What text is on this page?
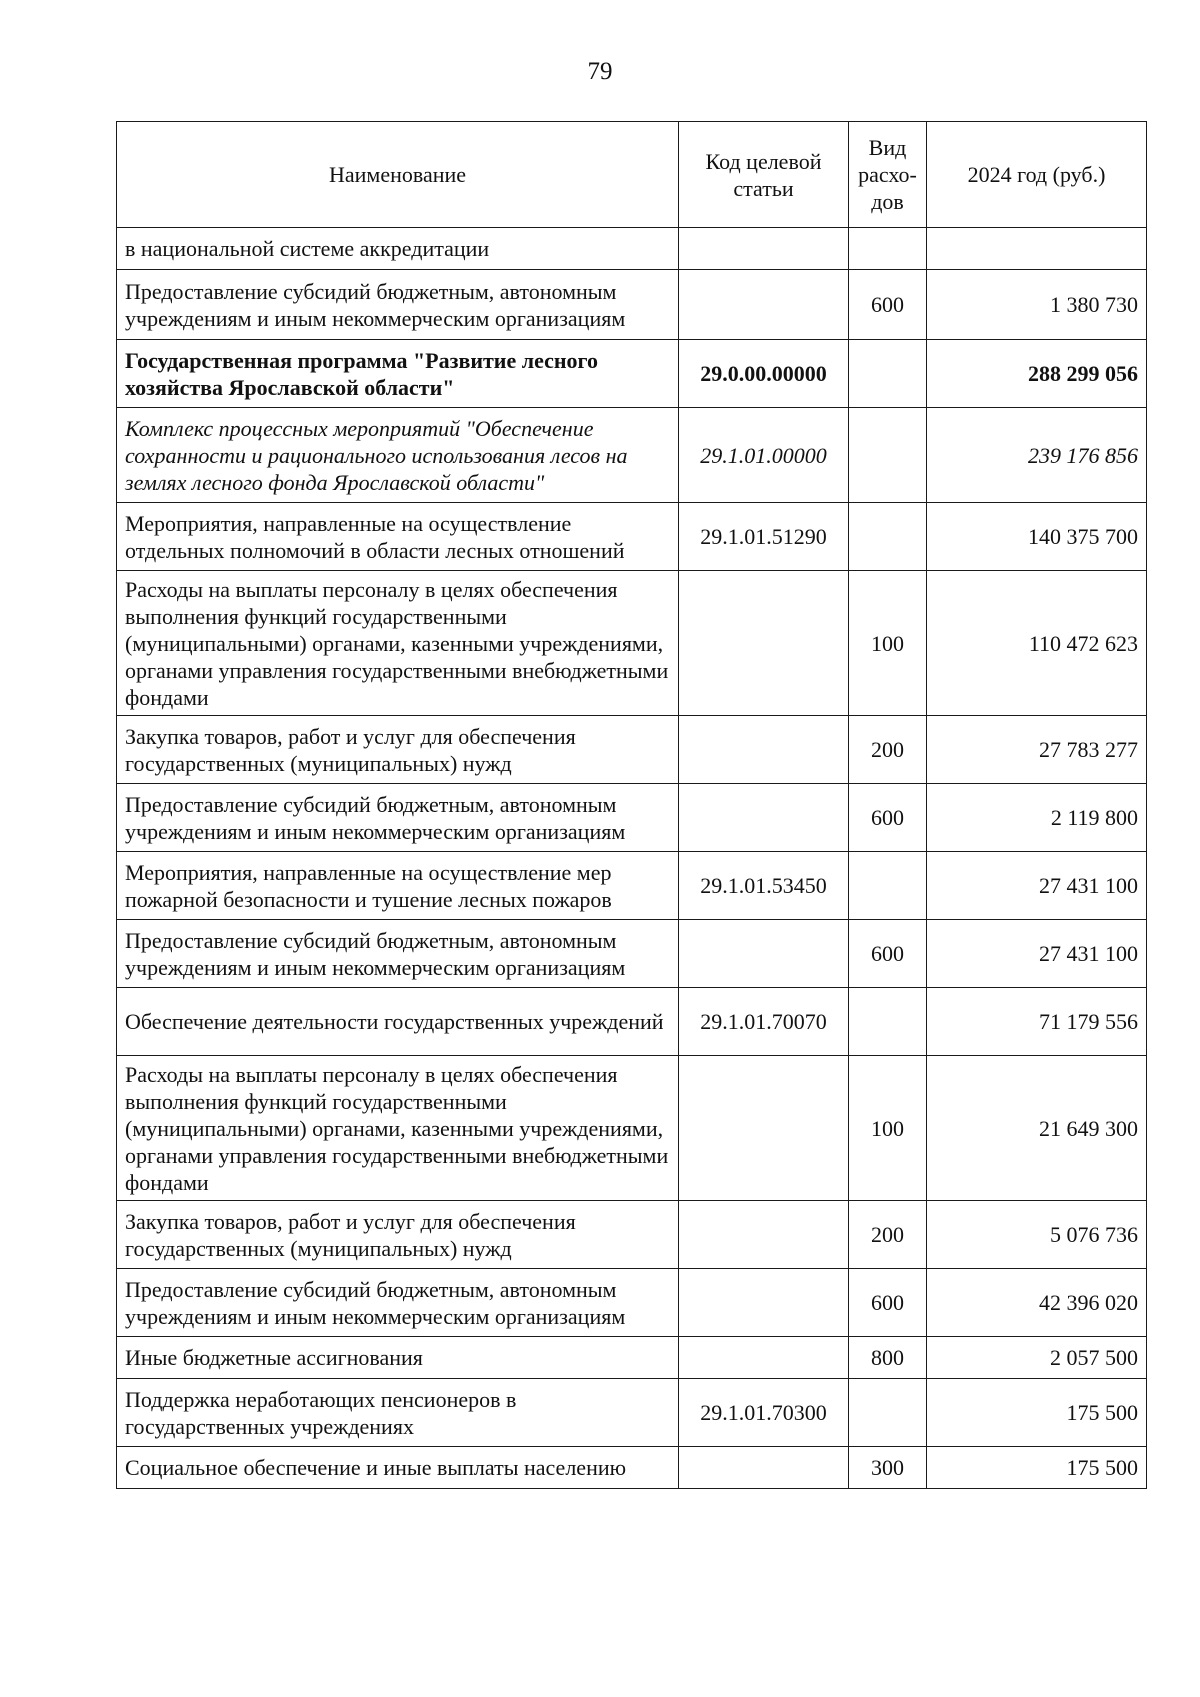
79
Наименование	Код целевой статьи	Вид расхо-дов	2024 год (руб.)
в национальной системе аккредитации			
Предоставление субсидий бюджетным, автономным учреждениям и иным некоммерческим организациям		600	1 380 730
Государственная программа "Развитие лесного хозяйства Ярославской области"	29.0.00.00000		288 299 056
Комплекс процессных мероприятий "Обеспечение сохранности и рационального использования лесов на землях лесного фонда Ярославской области"	29.1.01.00000		239 176 856
Мероприятия, направленные на осуществление отдельных полномочий в области лесных отношений	29.1.01.51290		140 375 700
Расходы на выплаты персоналу в целях обеспечения выполнения функций государственными (муниципальными) органами, казенными учреждениями, органами управления государственными внебюджетными фондами		100	110 472 623
Закупка товаров, работ и услуг для обеспечения государственных (муниципальных) нужд		200	27 783 277
Предоставление субсидий бюджетным, автономным учреждениям и иным некоммерческим организациям		600	2 119 800
Мероприятия, направленные на осуществление мер пожарной безопасности и тушение лесных пожаров	29.1.01.53450		27 431 100
Предоставление субсидий бюджетным, автономным учреждениям и иным некоммерческим организациям		600	27 431 100
Обеспечение деятельности государственных учреждений	29.1.01.70070		71 179 556
Расходы на выплаты персоналу в целях обеспечения выполнения функций государственными (муниципальными) органами, казенными учреждениями, органами управления государственными внебюджетными фондами		100	21 649 300
Закупка товаров, работ и услуг для обеспечения государственных (муниципальных) нужд		200	5 076 736
Предоставление субсидий бюджетным, автономным учреждениям и иным некоммерческим организациям		600	42 396 020
Иные бюджетные ассигнования		800	2 057 500
Поддержка неработающих пенсионеров в государственных учреждениях	29.1.01.70300		175 500
Социальное обеспечение и иные выплаты населению		300	175 500
